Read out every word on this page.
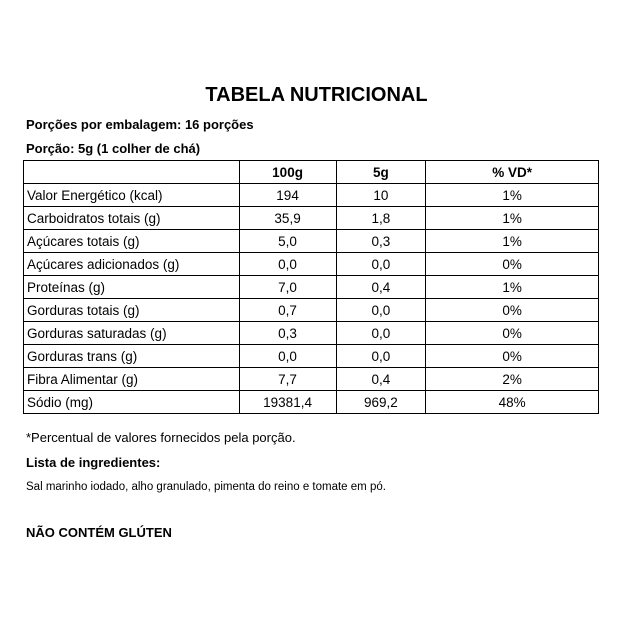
TABELA NUTRICIONAL
Porções por embalagem: 16 porções
Porção: 5g (1 colher de chá)
	100g	5g	% VD*
Valor Energético (kcal)	194	10	1%
Carboidratos totais (g)	35,9	1,8	1%
Açúcares totais (g)	5,0	0,3	1%
Açúcares adicionados (g)	0,0	0,0	0%
Proteínas (g)	7,0	0,4	1%
Gorduras totais (g)	0,7	0,0	0%
Gorduras saturadas (g)	0,3	0,0	0%
Gorduras trans (g)	0,0	0,0	0%
Fibra Alimentar (g)	7,7	0,4	2%
Sódio (mg)	19381,4	969,2	48%
*Percentual de valores fornecidos pela porção.
Lista de ingredientes:
Sal marinho iodado, alho granulado, pimenta do reino e tomate em pó.
NÃO CONTÉM GLÚTEN
